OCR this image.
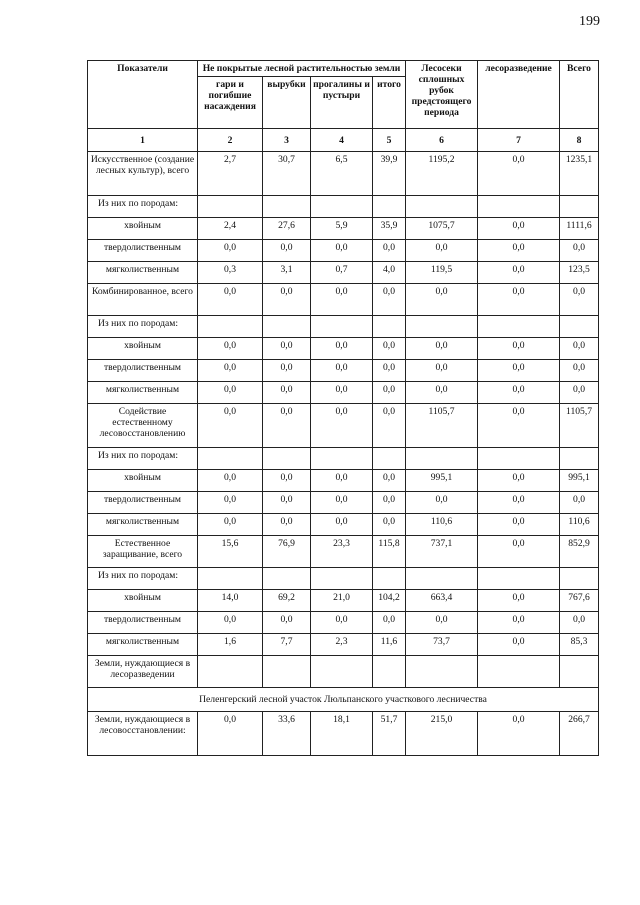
199
Показатели	Не покрытые лесной растительностью земли				Лесосеки сплошных рубок предстоящего периода	лесоразведение	Всего
	гари и погибшие насаждения	вырубки	прогалины и пустыри	итого			
1	2	3	4	5	6	7	8
Искусственное (создание лесных культур), всего	2,7	30,7	6,5	39,9	1195,2	0,0	1235,1
Из них по породам:							
хвойным	2,4	27,6	5,9	35,9	1075,7	0,0	1111,6
твердолиственным	0,0	0,0	0,0	0,0	0,0	0,0	0,0
мягколиственным	0,3	3,1	0,7	4,0	119,5	0,0	123,5
Комбинированное, всего	0,0	0,0	0,0	0,0	0,0	0,0	0,0
Из них по породам:							
хвойным	0,0	0,0	0,0	0,0	0,0	0,0	0,0
твердолиственным	0,0	0,0	0,0	0,0	0,0	0,0	0,0
мягколиственным	0,0	0,0	0,0	0,0	0,0	0,0	0,0
Содействие естественному лесовосстановлению	0,0	0,0	0,0	0,0	1105,7	0,0	1105,7
Из них по породам:							
хвойным	0,0	0,0	0,0	0,0	995,1	0,0	995,1
твердолиственным	0,0	0,0	0,0	0,0	0,0	0,0	0,0
мягколиственным	0,0	0,0	0,0	0,0	110,6	0,0	110,6
Естественное заращивание, всего	15,6	76,9	23,3	115,8	737,1	0,0	852,9
Из них по породам:							
хвойным	14,0	69,2	21,0	104,2	663,4	0,0	767,6
твердолиственным	0,0	0,0	0,0	0,0	0,0	0,0	0,0
мягколиственным	1,6	7,7	2,3	11,6	73,7	0,0	85,3
Земли, нуждающиеся в лесоразведении							
Пеленгерский лесной участок Люльпанского участкового лесничества							
Земли, нуждающиеся в лесовосстановлении:	0,0	33,6	18,1	51,7	215,0	0,0	266,7
